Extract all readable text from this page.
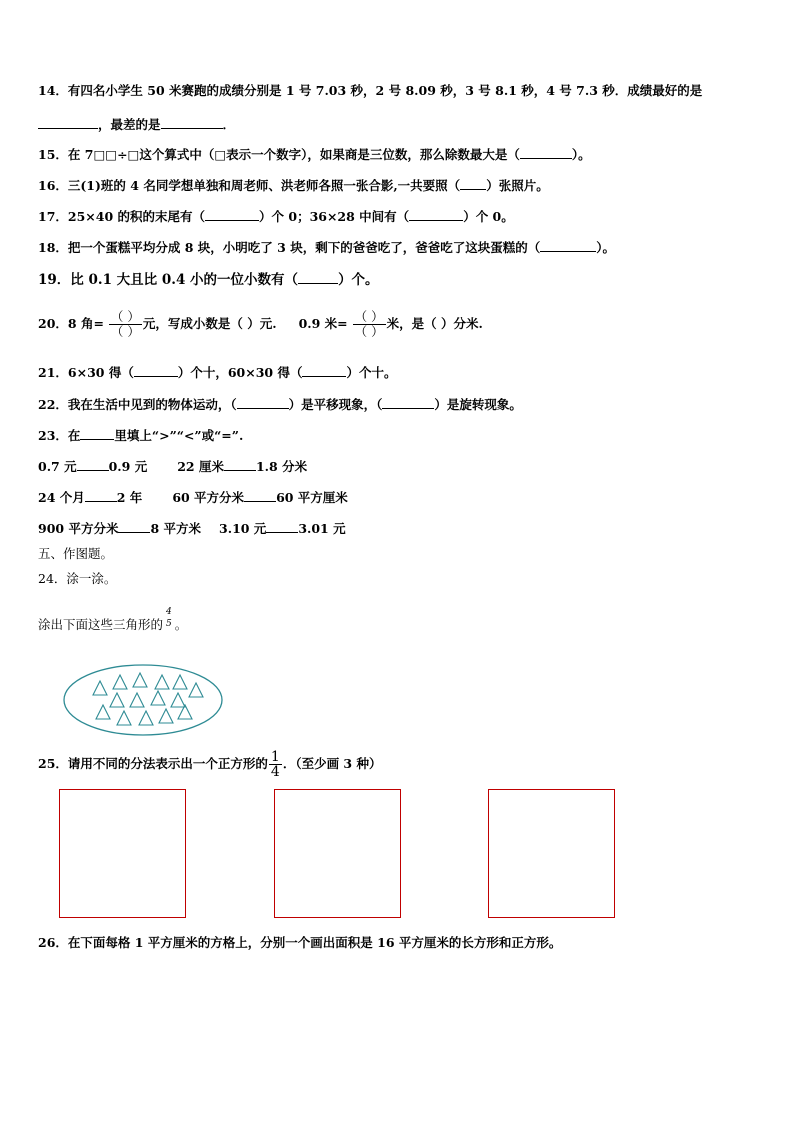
14．有四名小学生 50 米赛跑的成绩分别是 1 号 7.03 秒，2 号 8.09 秒，3 号 8.1 秒，4 号 7.3 秒．成绩最好的是
，最差的是	．
15．在 7□□÷□这个算式中（□表示一个数字），如果商是三位数，那么除数最大是（	）。
16．三(1)班的 4 名同学想单独和周老师、洪老师各照一张合影,一共要照（ ）张照片。
17．25×40 的积的末尾有（	）个 0；36×28 中间有（	）个 0。
18．把一个蛋糕平均分成 8 块，小明吃了 3 块，剩下的爸爸吃了，爸爸吃了这块蛋糕的（	）。
19．比 0.1 大且比 0.4 小的一位小数有（	）个。
20．8 角= $\frac{( )}{( )}$ 元，写成小数是（ ）元. 0.9 米= $\frac{( )}{( )}$ 米，是（ ）分米.
21．6×30 得（	）个十，60×30 得（	）个十。
22．我在生活中见到的物体运动，（	）是平移现象，（	）是旋转现象。
23．在	里填上“>”“<”或“=”.
0.7 元	0.9 元 22 厘米	1.8 分米
24 个月	2 年 60 平方分米	60 平方厘米
900 平方分米	8 平方米 3.10 元	3.01 元
五、作图题。
24．涂一涂。
涂出下面这些三角形的
4
5 。
25．请用不同的分法表示出一个正方形的 $\frac{1}{4}$ ．（至少画 3 种）
26．在下面每格 1 平方厘米的方格上，分别一个画出面积是 16 平方厘米的长方形和正方形。
